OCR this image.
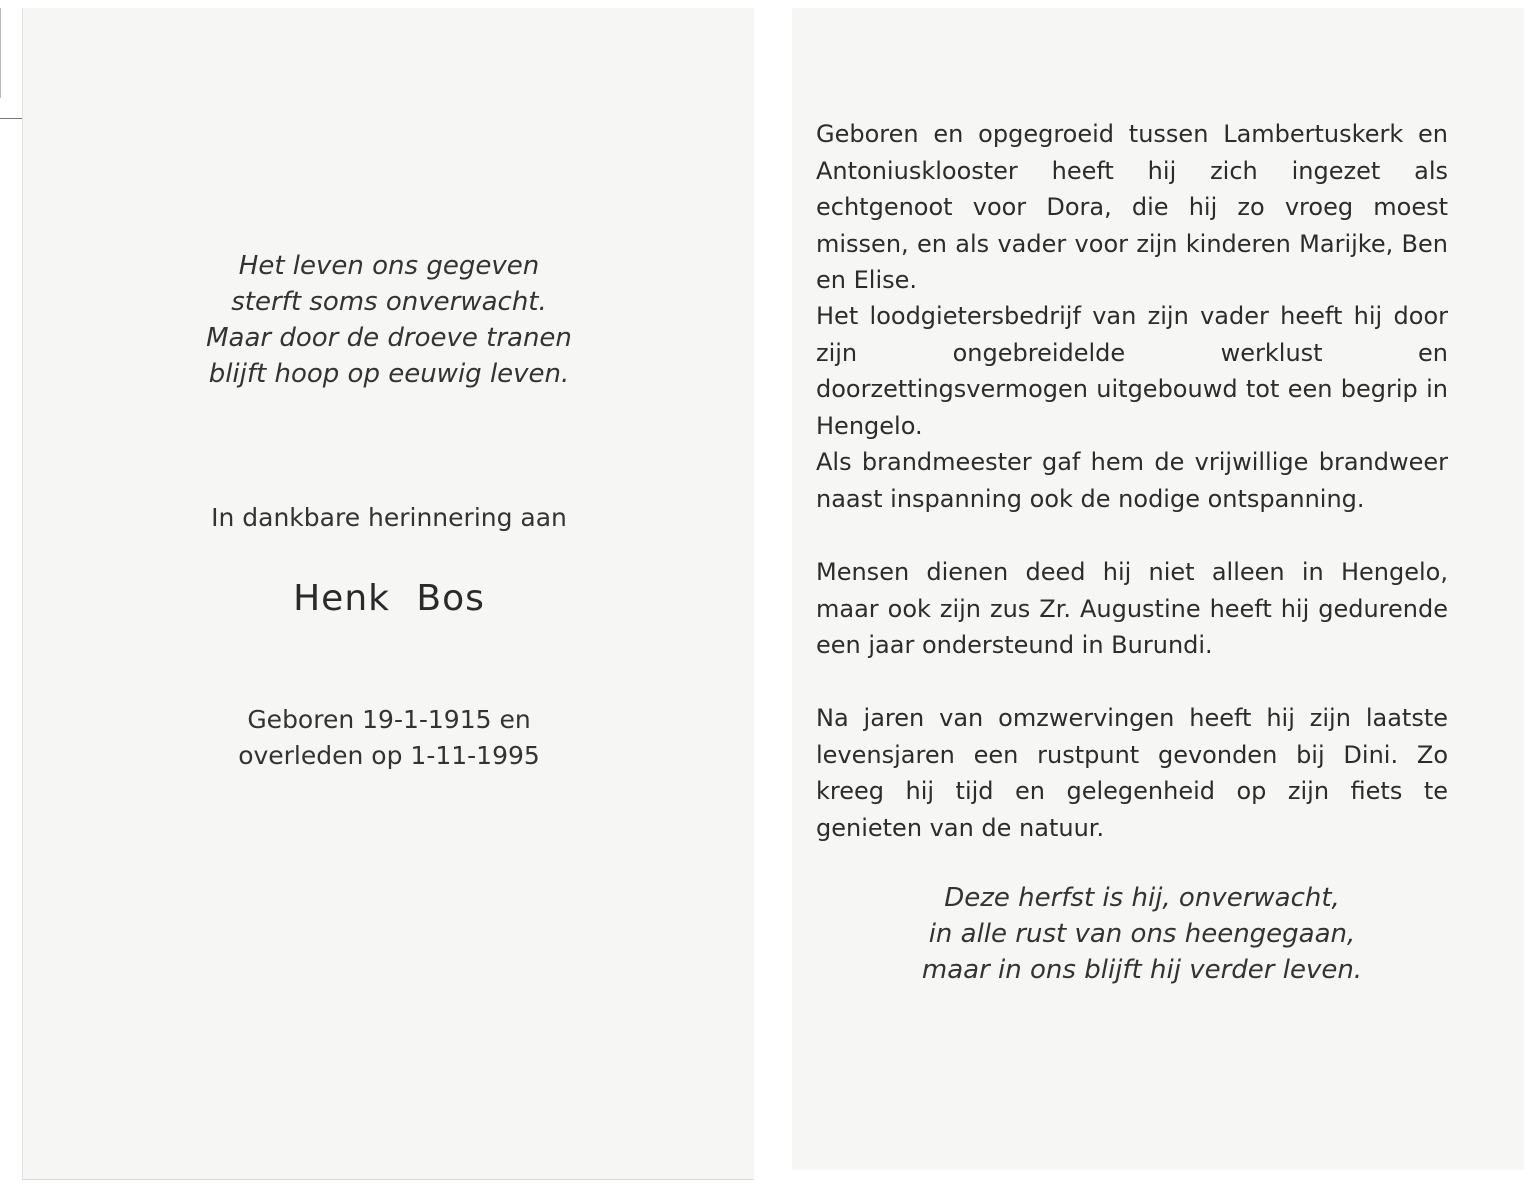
Het leven ons gegeven
sterft soms onverwacht.
Maar door de droeve tranen
blijft hoop op eeuwig leven.
In dankbare herinnering aan
Henk Bos
Geboren 19-1-1915 en
overleden op 1-11-1995
Geboren en opgegroeid tussen Lambertuskerk en Antoniusklooster heeft hij zich ingezet als echtgenoot voor Dora, die hij zo vroeg moest missen, en als vader voor zijn kinderen Marijke, Ben en Elise.
Het loodgietersbedrijf van zijn vader heeft hij door zijn ongebreidelde werklust en doorzettingsvermogen uitgebouwd tot een begrip in Hengelo.
Als brandmeester gaf hem de vrijwillige brandweer naast inspanning ook de nodige ontspanning.
Mensen dienen deed hij niet alleen in Hengelo, maar ook zijn zus Zr. Augustine heeft hij gedurende een jaar ondersteund in Burundi.
Na jaren van omzwervingen heeft hij zijn laatste levensjaren een rustpunt gevonden bij Dini. Zo kreeg hij tijd en gelegenheid op zijn fiets te genieten van de natuur.
Deze herfst is hij, onverwacht,
in alle rust van ons heengegaan,
maar in ons blijft hij verder leven.
